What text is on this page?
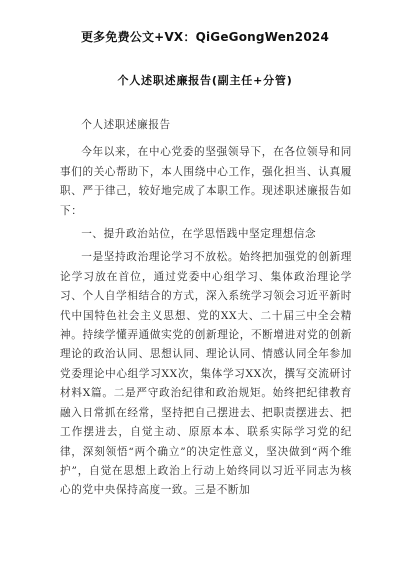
更多免费公文+VX：QiGeGongWen2024
个人述职述廉报告(副主任+分管)

个人述职述廉报告

今年以来，在中心党委的坚强领导下，在各位领导和同事们的关心帮助下，本人围绕中心工作，强化担当、认真履职、严于律己，较好地完成了本职工作。现述职述廉报告如下：

一、提升政治站位，在学思悟践中坚定理想信念

一是坚持政治理论学习不放松。始终把加强党的创新理论学习放在首位，通过党委中心组学习、集体政治理论学习、个人自学相结合的方式，深入系统学习领会习近平新时代中国特色社会主义思想、党的XX大、二十届三中全会精神。持续学懂弄通做实党的创新理论，不断增进对党的创新理论的政治认同、思想认同、理论认同、情感认同全年参加党委理论中心组学习XX次，集体学习XX次，撰写交流研讨材料X篇。二是严守政治纪律和政治规矩。始终把纪律教育融入日常抓在经常，坚持把自己摆进去、把职责摆进去、把工作摆进去，自觉主动、原原本本、联系实际学习党的纪律，深刻领悟“两个确立”的决定性意义，坚决做到“两个维护”，自觉在思想上政治上行动上始终同以习近平同志为核心的党中央保持高度一致。三是不断加
